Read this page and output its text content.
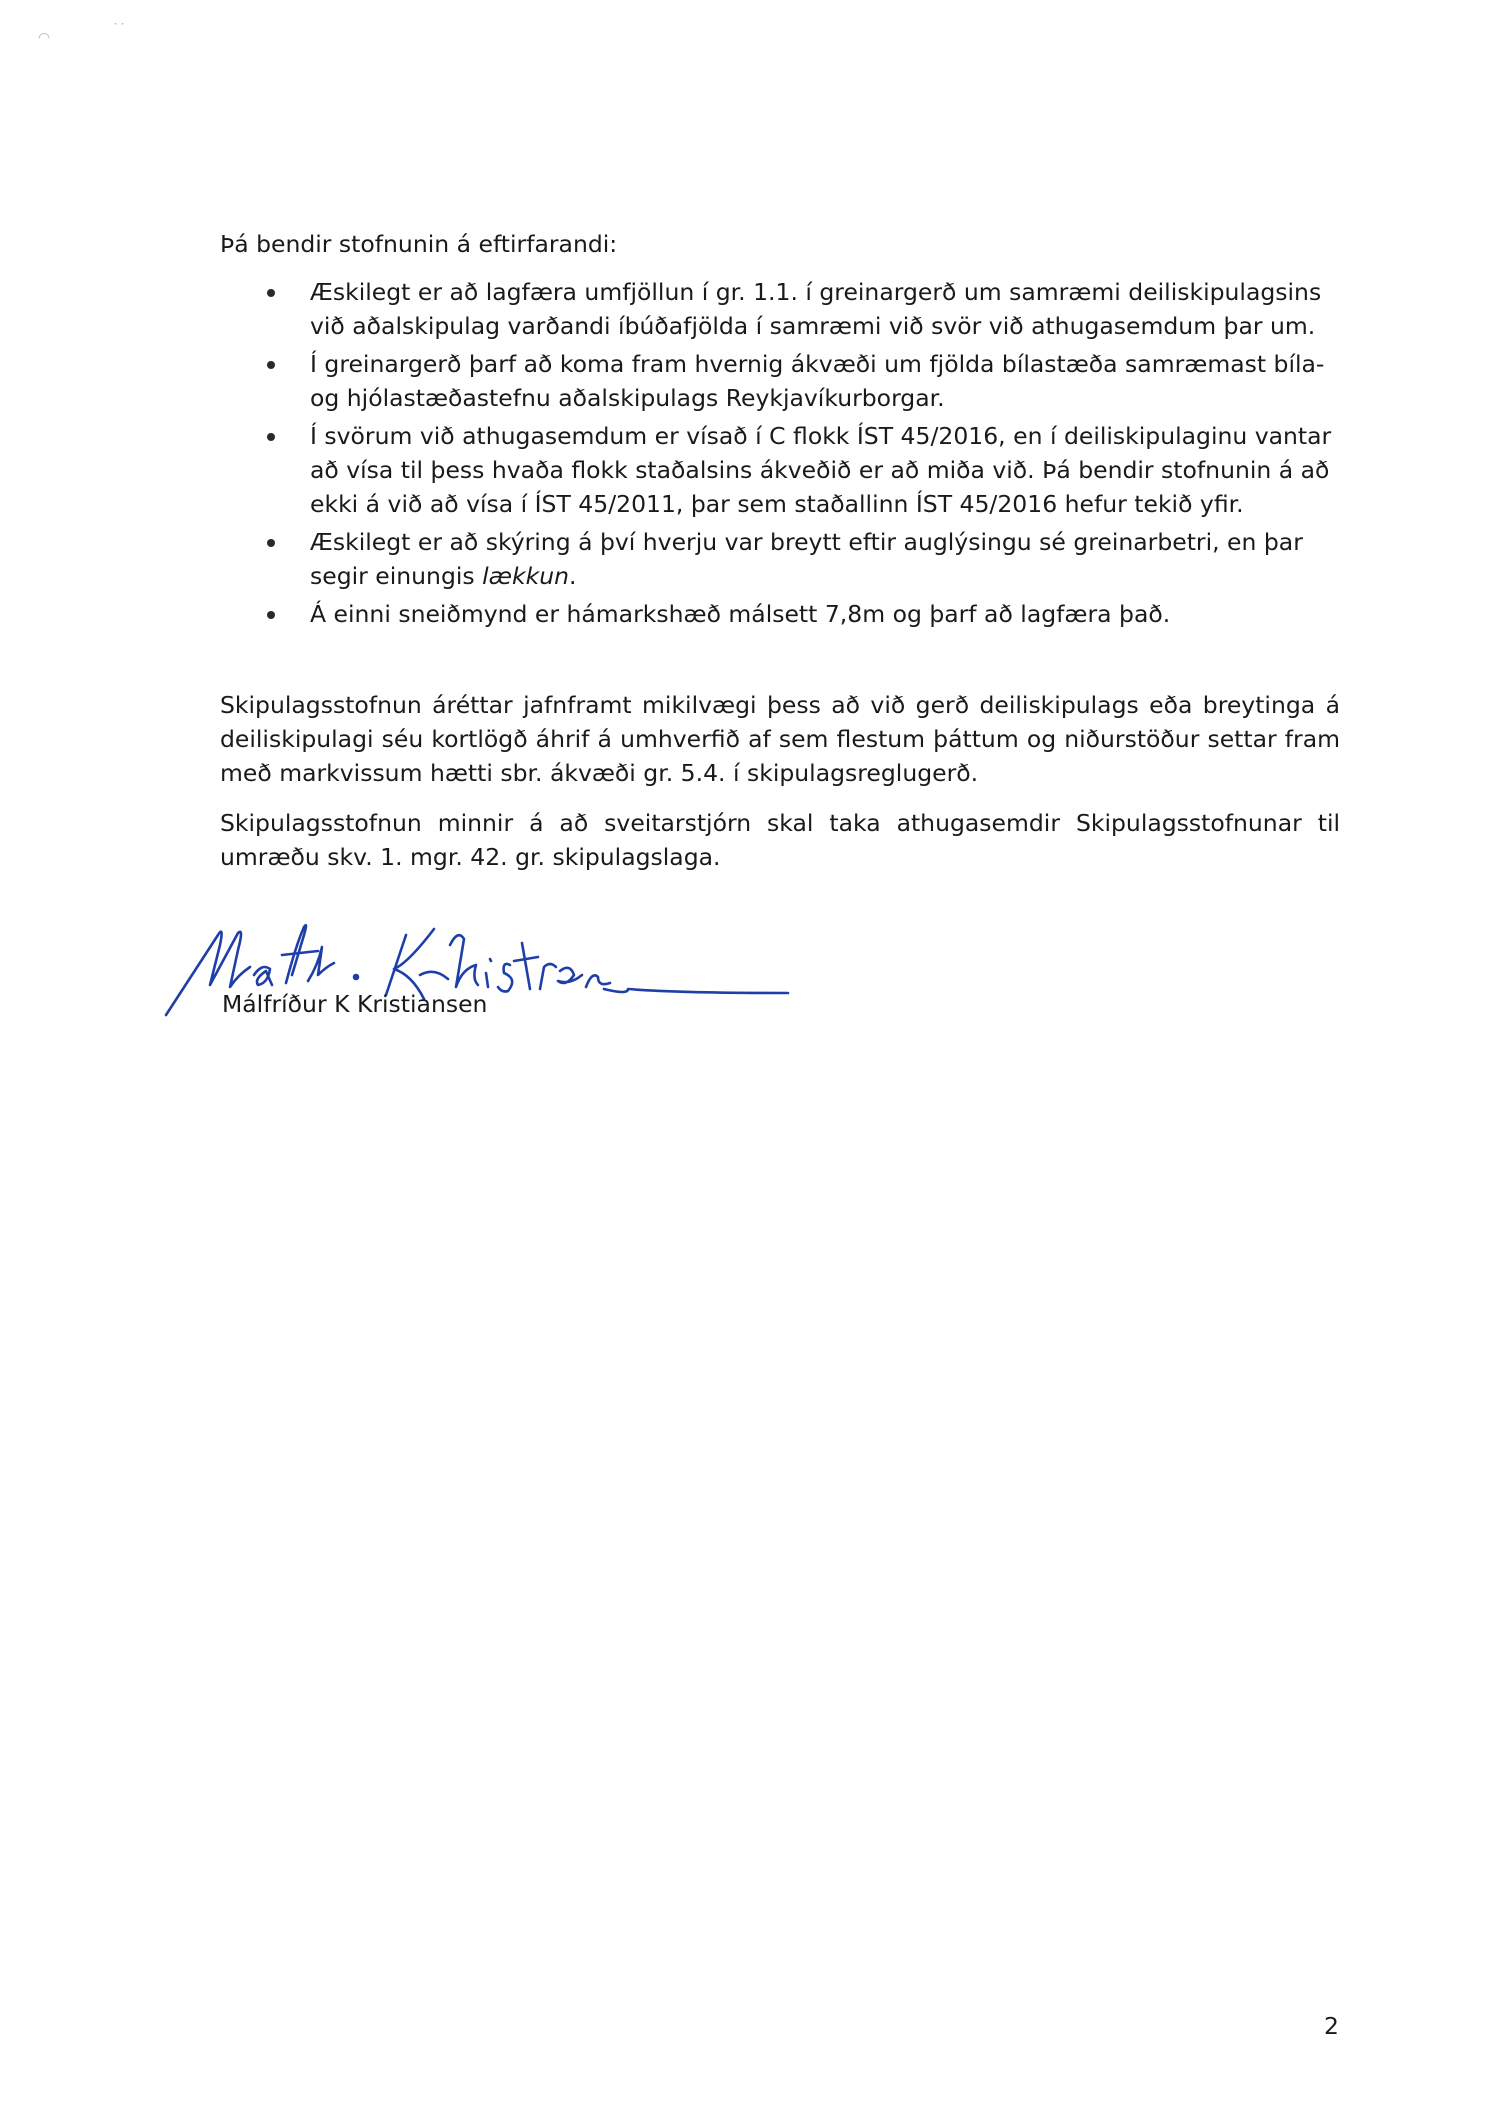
◠	˙˙

Þá bendir stofnunin á eftirfarandi:

Æskilegt er að lagfæra umfjöllun í gr. 1.1. í greinargerð um samræmi deiliskipulagsins við aðalskipulag varðandi íbúðafjölda í samræmi við svör við athugasemdum þar um.
Í greinargerð þarf að koma fram hvernig ákvæði um fjölda bílastæða samræmast bíla-og hjólastæðastefnu aðalskipulags Reykjavíkurborgar.
Í svörum við athugasemdum er vísað í C flokk ÍST 45/2016, en í deiliskipulaginu vantar að vísa til þess hvaða flokk staðalsins ákveðið er að miða við. Þá bendir stofnunin á að ekki á við að vísa í ÍST 45/2011, þar sem staðallinn ÍST 45/2016 hefur tekið yfir.
Æskilegt er að skýring á því hverju var breytt eftir auglýsingu sé greinarbetri, en þar segir einungis lækkun.
Á einni sneiðmynd er hámarkshæð málsett 7,8m og þarf að lagfæra það.

Skipulagsstofnun áréttar jafnframt mikilvægi þess að við gerð deiliskipulags eða breytinga á deiliskipulagi séu kortlögð áhrif á umhverfið af sem flestum þáttum og niðurstöður settar fram með markvissum hætti sbr. ákvæði gr. 5.4. í skipulagsreglugerð.

Skipulagsstofnun minnir á að sveitarstjórn skal taka athugasemdir Skipulagsstofnunar til umræðu skv. 1. mgr. 42. gr. skipulagslaga.

Málfríður K Kristiansen

2
